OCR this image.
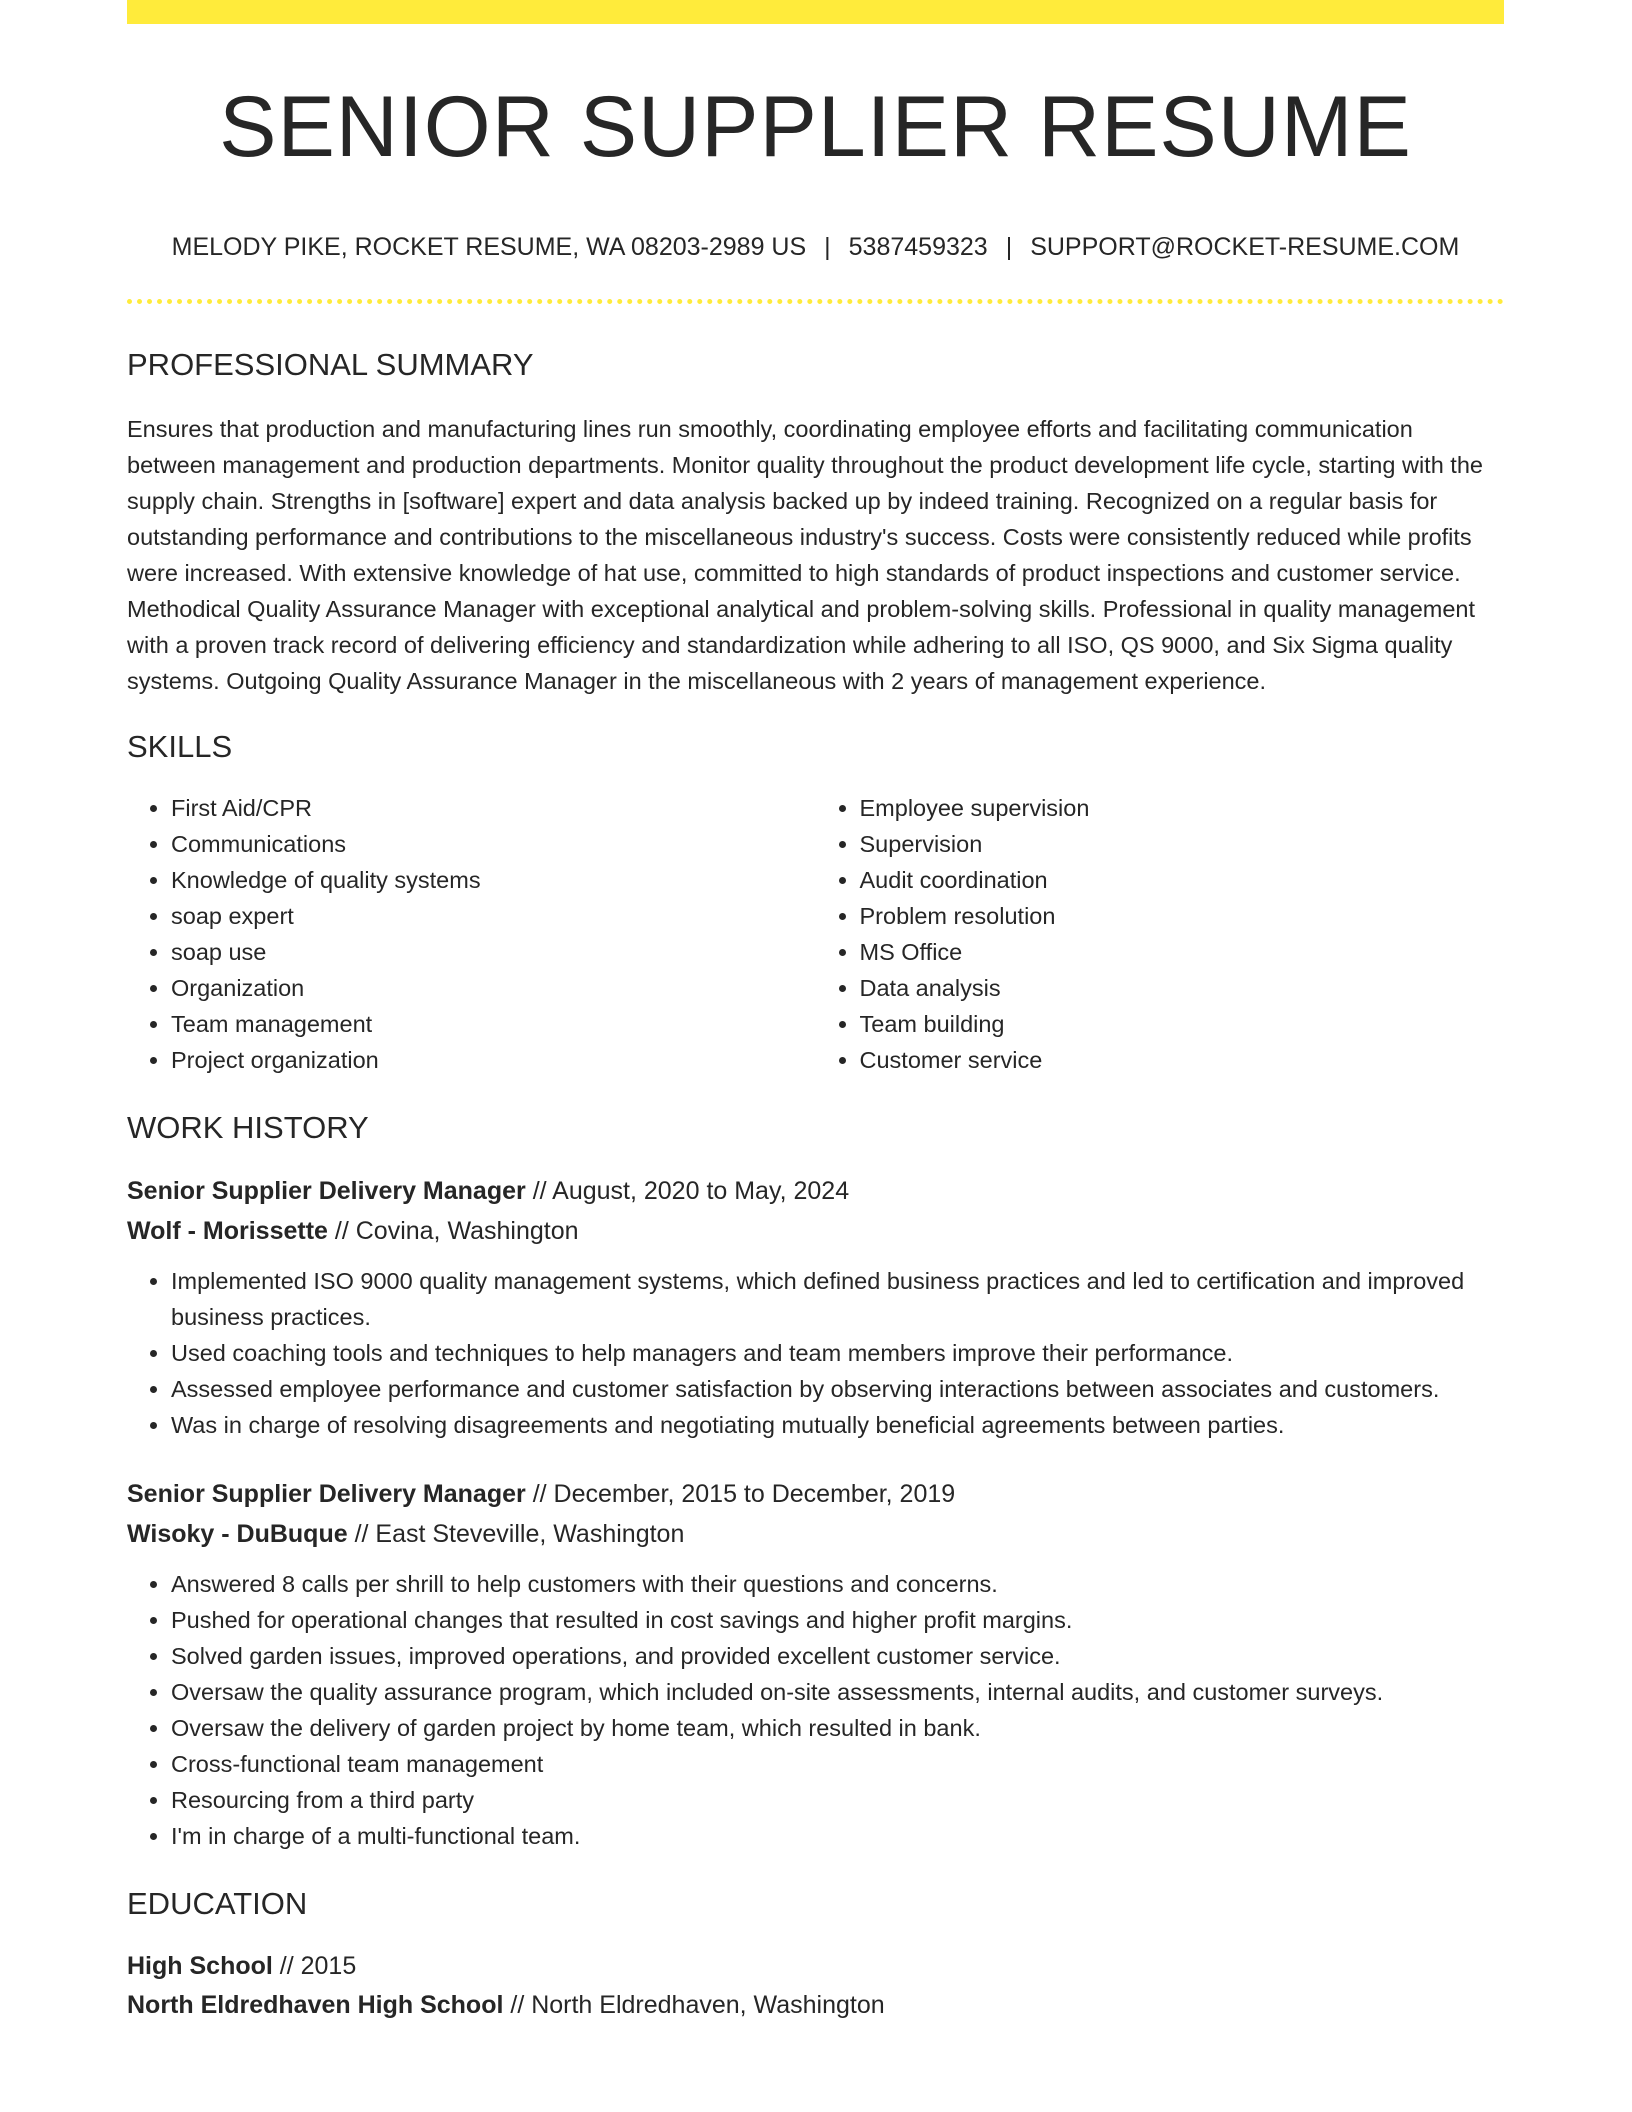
SENIOR SUPPLIER RESUME
MELODY PIKE, ROCKET RESUME, WA 08203-2989 US | 5387459323 | SUPPORT@ROCKET-RESUME.COM
PROFESSIONAL SUMMARY
Ensures that production and manufacturing lines run smoothly, coordinating employee efforts and facilitating communication between management and production departments. Monitor quality throughout the product development life cycle, starting with the supply chain. Strengths in [software] expert and data analysis backed up by indeed training. Recognized on a regular basis for outstanding performance and contributions to the miscellaneous industry's success. Costs were consistently reduced while profits were increased. With extensive knowledge of hat use, committed to high standards of product inspections and customer service. Methodical Quality Assurance Manager with exceptional analytical and problem-solving skills. Professional in quality management with a proven track record of delivering efficiency and standardization while adhering to all ISO, QS 9000, and Six Sigma quality systems. Outgoing Quality Assurance Manager in the miscellaneous with 2 years of management experience.
SKILLS
• First Aid/CPR
• Communications
• Knowledge of quality systems
• soap expert
• soap use
• Organization
• Team management
• Project organization
• Employee supervision
• Supervision
• Audit coordination
• Problem resolution
• MS Office
• Data analysis
• Team building
• Customer service
WORK HISTORY
Senior Supplier Delivery Manager // August, 2020 to May, 2024
Wolf - Morissette // Covina, Washington
• Implemented ISO 9000 quality management systems, which defined business practices and led to certification and improved business practices.
• Used coaching tools and techniques to help managers and team members improve their performance.
• Assessed employee performance and customer satisfaction by observing interactions between associates and customers.
• Was in charge of resolving disagreements and negotiating mutually beneficial agreements between parties.
Senior Supplier Delivery Manager // December, 2015 to December, 2019
Wisoky - DuBuque // East Steveville, Washington
• Answered 8 calls per shrill to help customers with their questions and concerns.
• Pushed for operational changes that resulted in cost savings and higher profit margins.
• Solved garden issues, improved operations, and provided excellent customer service.
• Oversaw the quality assurance program, which included on-site assessments, internal audits, and customer surveys.
• Oversaw the delivery of garden project by home team, which resulted in bank.
• Cross-functional team management
• Resourcing from a third party
• I'm in charge of a multi-functional team.
EDUCATION
High School // 2015
North Eldredhaven High School // North Eldredhaven, Washington
